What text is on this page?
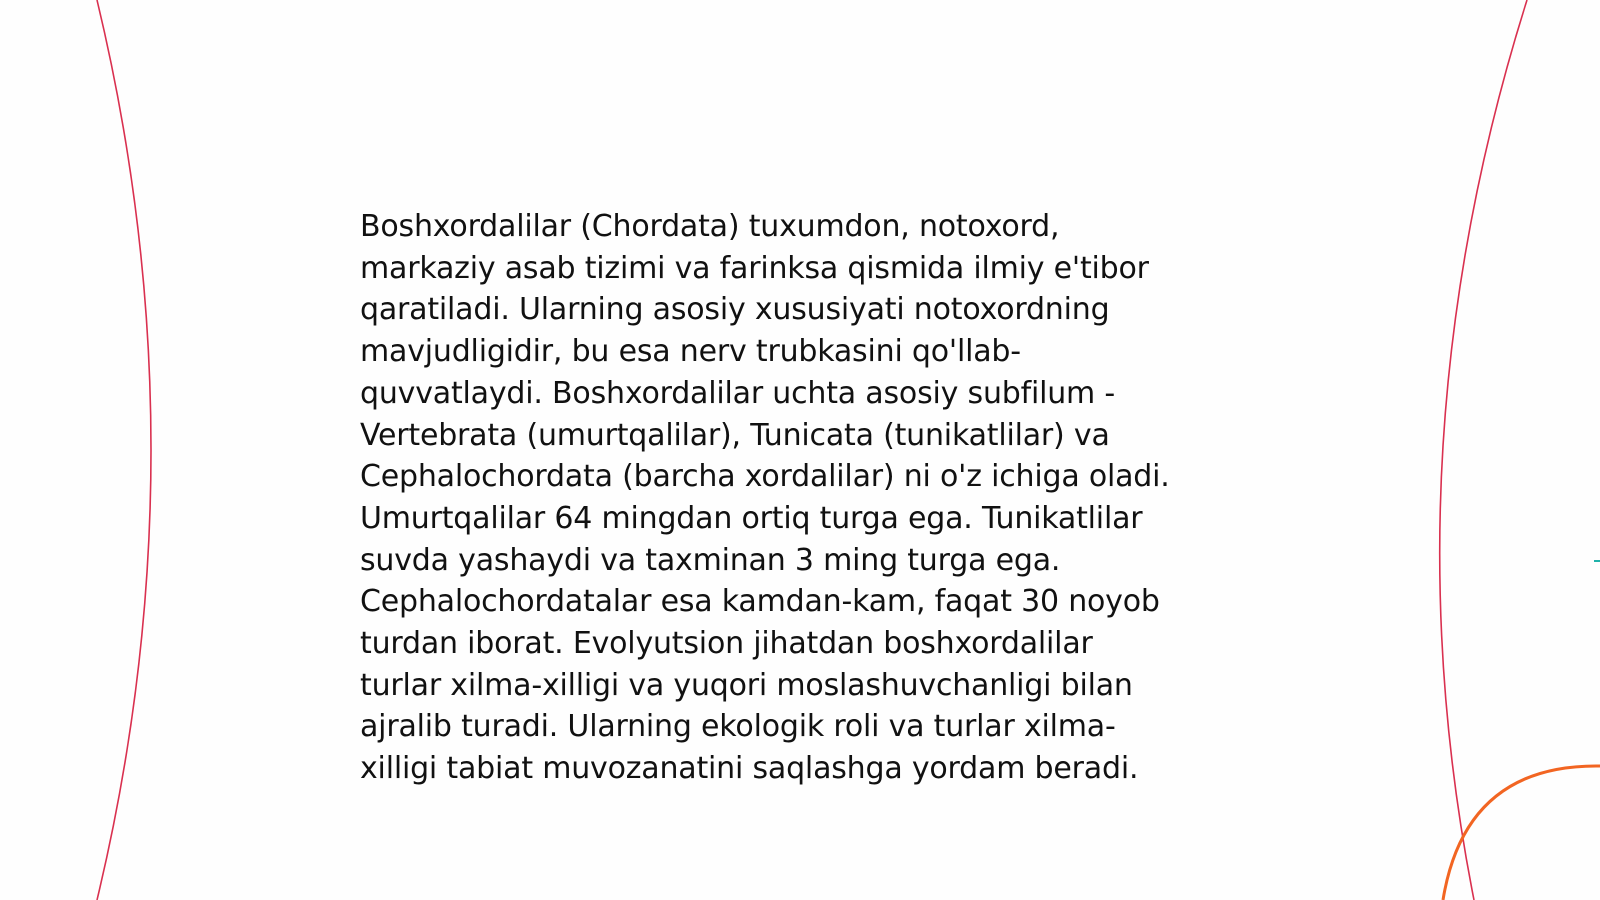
Boshxordalilar (Chordata) tuxumdon, notoxord,
markaziy asab tizimi va farinksa qismida ilmiy e'tibor
qaratiladi. Ularning asosiy xususiyati notoxordning
mavjudligidir, bu esa nerv trubkasini qo'llab-
quvvatlaydi. Boshxordalilar uchta asosiy subfilum -
Vertebrata (umurtqalilar), Tunicata (tunikatlilar) va
Cephalochordata (barcha xordalilar) ni o'z ichiga oladi.
Umurtqalilar 64 mingdan ortiq turga ega. Tunikatlilar
suvda yashaydi va taxminan 3 ming turga ega.
Cephalochordatalar esa kamdan-kam, faqat 30 noyob
turdan iborat. Evolyutsion jihatdan boshxordalilar
turlar xilma-xilligi va yuqori moslashuvchanligi bilan
ajralib turadi. Ularning ekologik roli va turlar xilma-
xilligi tabiat muvozanatini saqlashga yordam beradi.
